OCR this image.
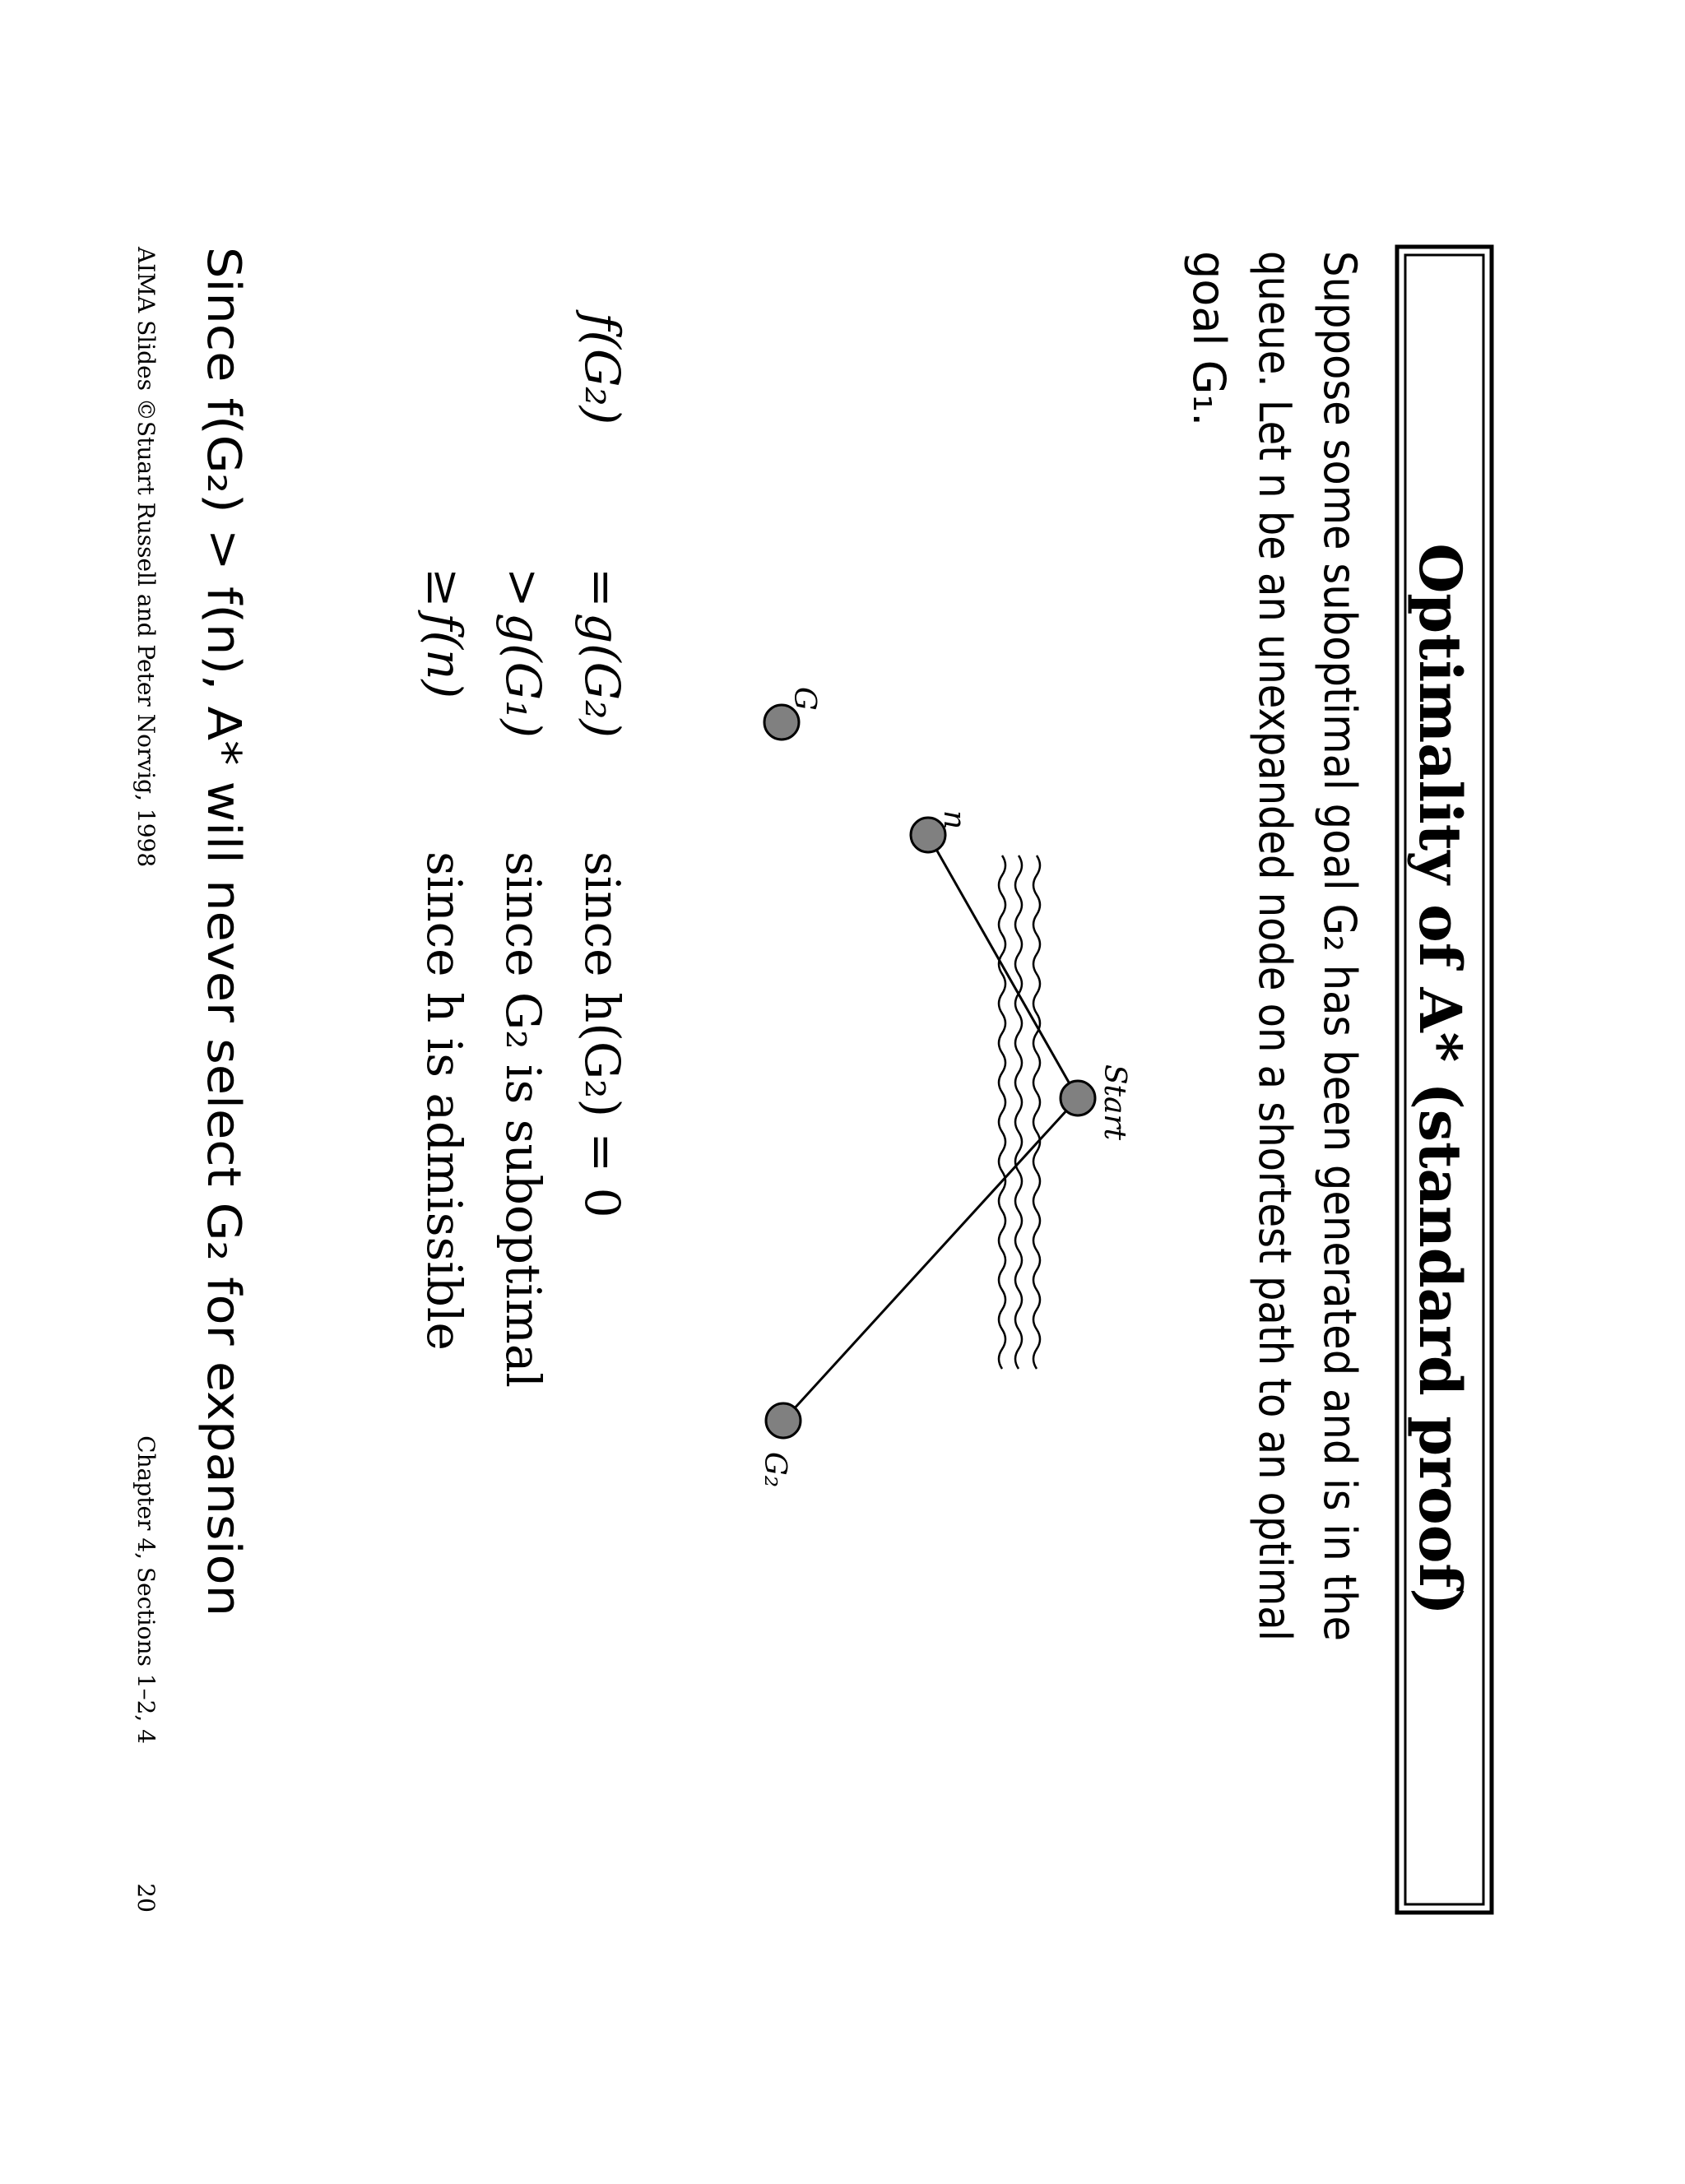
Optimality of A* (standard proof)
Suppose some suboptimal goal G₂ has been generated and is in the
queue. Let n be an unexpanded node on a shortest path to an optimal
goal G₁.
Start
n
G
G₂
f(G₂)
=
g(G₂)
since h(G₂) = 0
>
g(G₁)
since G₂ is suboptimal
≥
f(n)
since h is admissible
Since f(G₂) > f(n), A* will never select G₂ for expansion
AIMA Slides ©Stuart Russell and Peter Norvig, 1998
Chapter 4, Sections 1–2, 4
20
